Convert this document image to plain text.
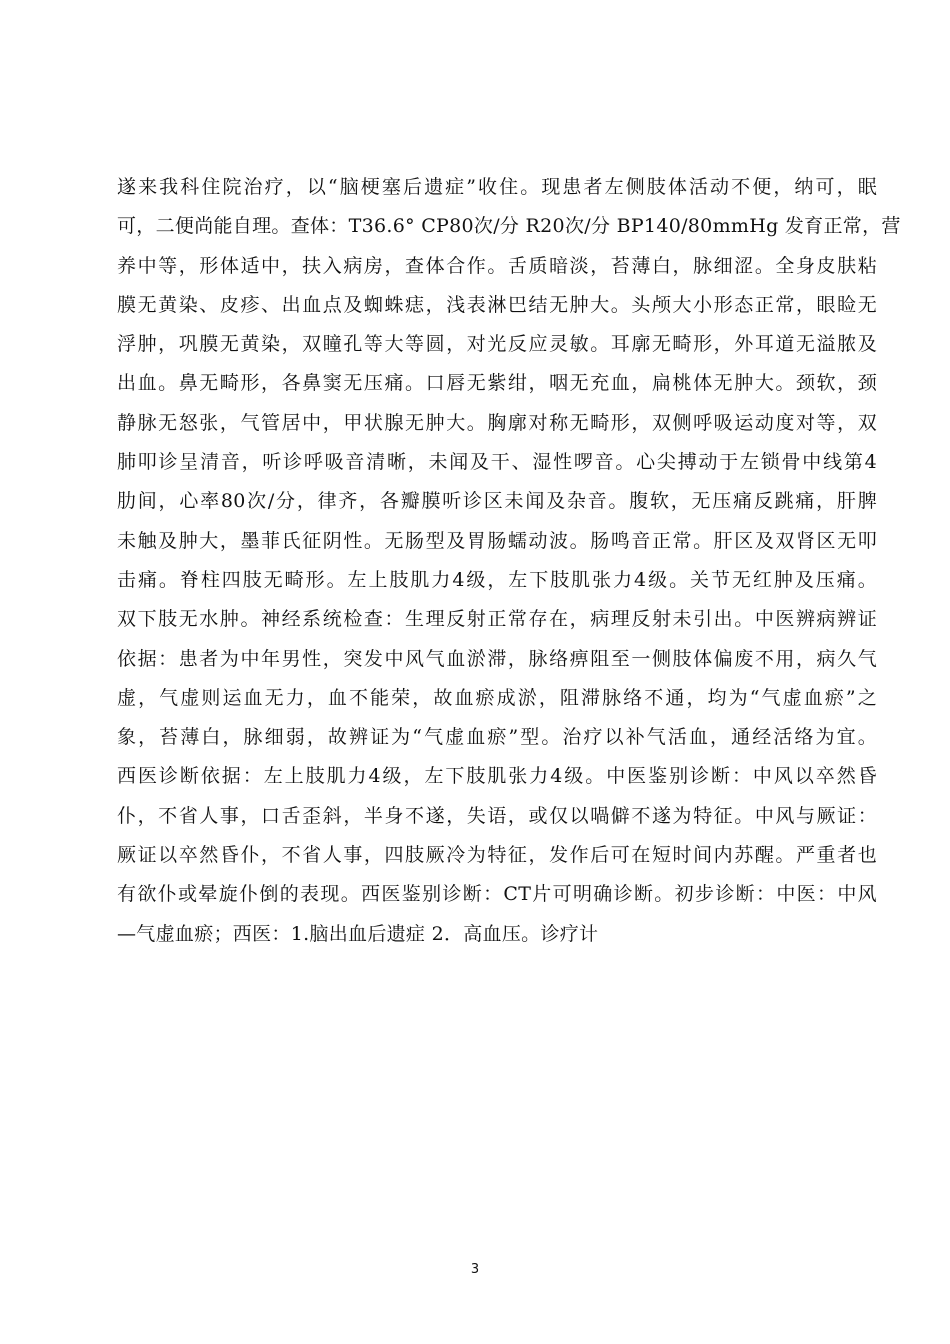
遂来我科住院治疗，以“脑梗塞后遗症”收住。现患者左侧肢体活动不便，纳可，眠
可，二便尚能自理。查体：T36.6° CP80次/分 R20次/分 BP140/80mmHg 发育正常，营
养中等，形体适中，扶入病房，查体合作。舌质暗淡，苔薄白，脉细涩。全身皮肤粘
膜无黄染、皮疹、出血点及蜘蛛痣，浅表淋巴结无肿大。头颅大小形态正常，眼睑无
浮肿，巩膜无黄染，双瞳孔等大等圆，对光反应灵敏。耳廓无畸形，外耳道无溢脓及
出血。鼻无畸形，各鼻窦无压痛。口唇无紫绀，咽无充血，扁桃体无肿大。颈软，颈
静脉无怒张，气管居中，甲状腺无肿大。胸廓对称无畸形，双侧呼吸运动度对等，双
肺叩诊呈清音，听诊呼吸音清晰，未闻及干、湿性啰音。心尖搏动于左锁骨中线第4
肋间，心率80次/分，律齐，各瓣膜听诊区未闻及杂音。腹软，无压痛反跳痛，肝脾
未触及肿大，墨菲氏征阴性。无肠型及胃肠蠕动波。肠鸣音正常。肝区及双肾区无叩
击痛。脊柱四肢无畸形。左上肢肌力4级，左下肢肌张力4级。关节无红肿及压痛。
双下肢无水肿。神经系统检查：生理反射正常存在，病理反射未引出。中医辨病辨证
依据：患者为中年男性，突发中风气血淤滞，脉络痹阻至一侧肢体偏废不用，病久气
虚，气虚则运血无力，血不能荣，故血瘀成淤，阻滞脉络不通，均为“气虚血瘀”之
象，苔薄白，脉细弱，故辨证为“气虚血瘀”型。治疗以补气活血，通经活络为宜。
西医诊断依据：左上肢肌力4级，左下肢肌张力4级。中医鉴别诊断：中风以卒然昏
仆，不省人事，口舌歪斜，半身不遂，失语，或仅以喎僻不遂为特征。中风与厥证：
厥证以卒然昏仆，不省人事，四肢厥冷为特征，发作后可在短时间内苏醒。严重者也
有欲仆或晕旋仆倒的表现。西医鉴别诊断：CT片可明确诊断。初步诊断：中医：中风
—气虚血瘀；西医：1.脑出血后遗症 2．高血压。诊疗计
3
